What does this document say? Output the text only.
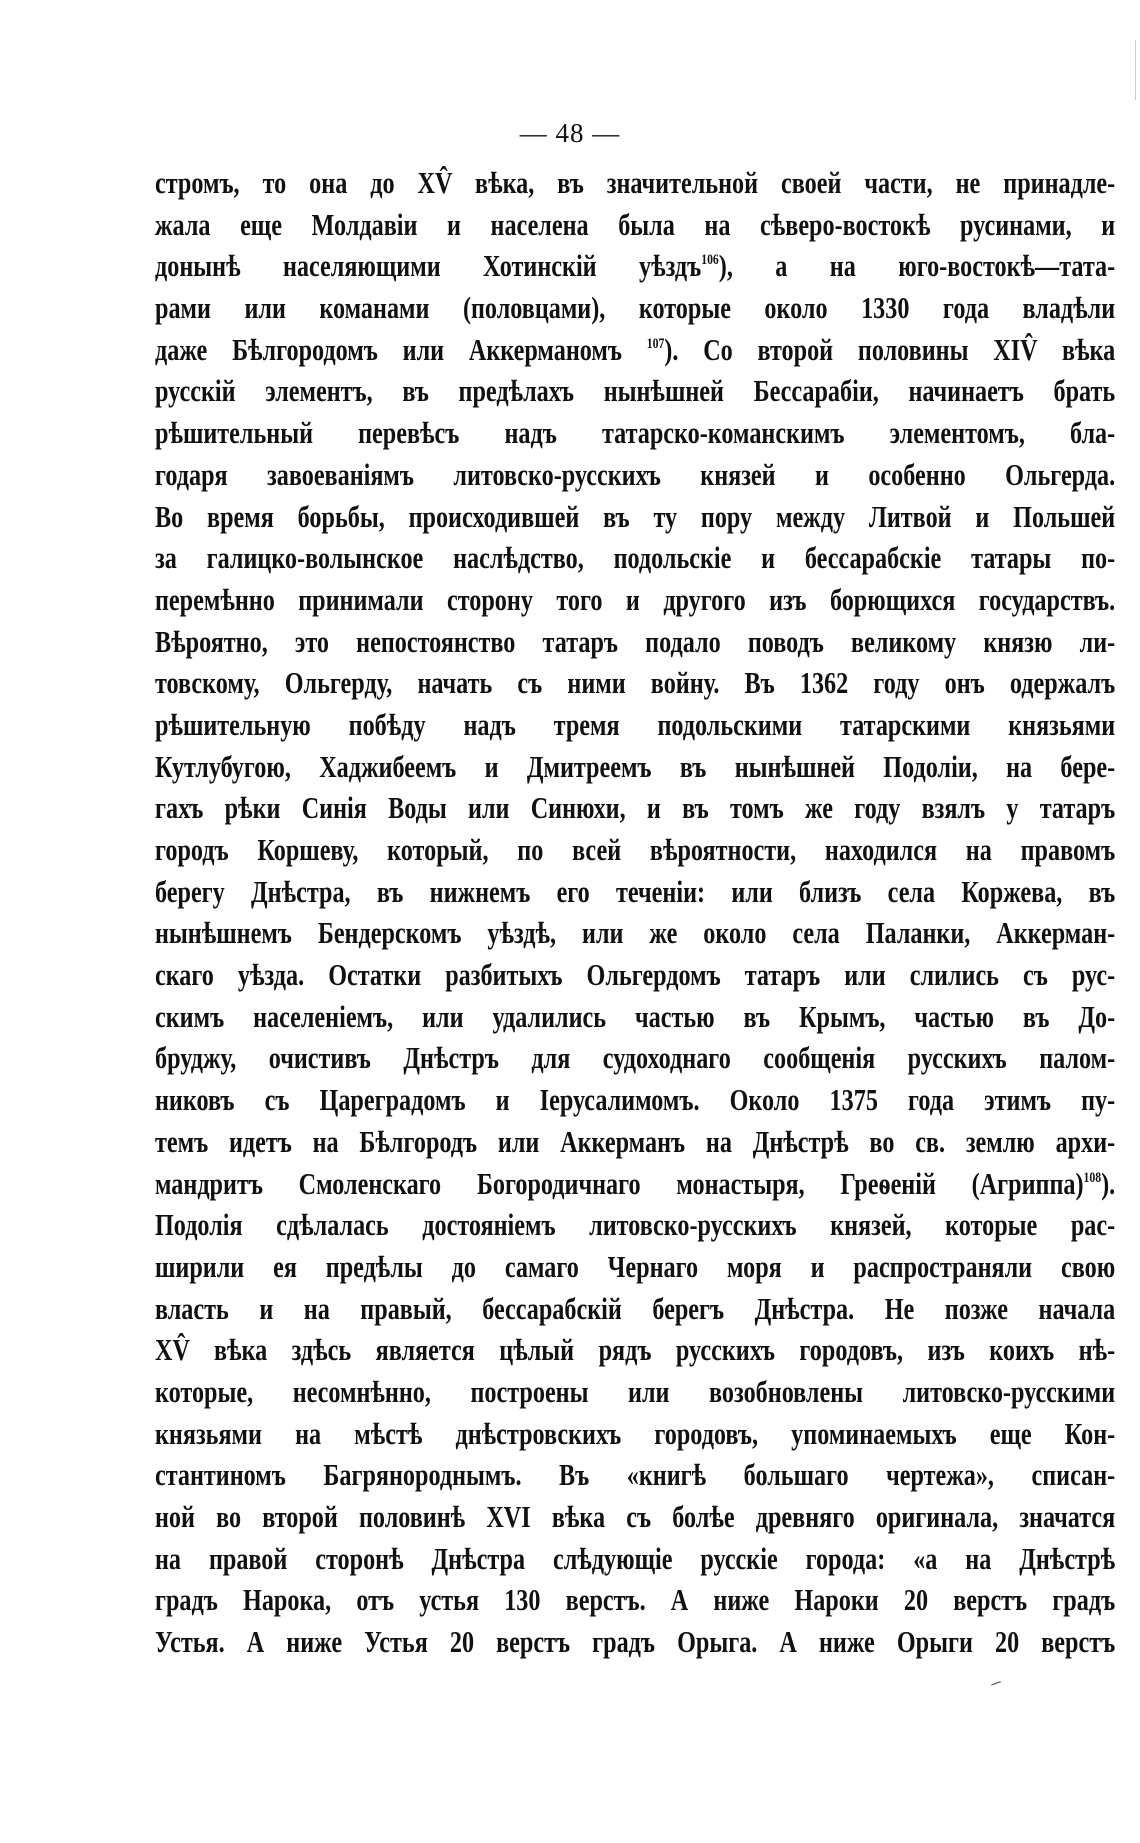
— 48 —
стромъ, то она до XV̂ вѣка, въ значительной своей части, не принадле-
жала еще Молдавіи и населена была на сѣверо-востокѣ русинами, и
донынѣ населяющими Хотинскій уѣздъ$^{106}$), а на юго-востокѣ—тата-
рами или команами (половцами), которые около 1330 года владѣли
даже Бѣлгородомъ или Аккерманомъ $^{107}$). Со второй половины XIV̂ вѣка
русскій элементъ, въ предѣлахъ нынѣшней Бессарабіи, начинаетъ брать
рѣшительный перевѣсъ надъ татарско-команскимъ элементомъ, бла-
годаря завоеваніямъ литовско-русскихъ князей и особенно Ольгерда.
Во время борьбы, происходившей въ ту пору между Литвой и Польшей
за галицко-волынское наслѣдство, подольскіе и бессарабскіе татары по-
перемѣнно принимали сторону того и другого изъ борющихся государствъ.
Вѣроятно, это непостоянство татаръ подало поводъ великому князю ли-
товскому, Ольгерду, начать съ ними войну. Въ 1362 году онъ одержалъ
рѣшительную побѣду надъ тремя подольскими татарскими князьями
Кутлубугою, Хаджибеемъ и Дмитреемъ въ нынѣшней Подоліи, на бере-
гахъ рѣки Синія Воды или Синюхи, и въ томъ же году взялъ у татаръ
городъ Коршеву, который, по всей вѣроятности, находился на правомъ
берегу Днѣстра, въ нижнемъ его теченіи: или близъ села Коржева, въ
нынѣшнемъ Бендерскомъ уѣздѣ, или же около села Паланки, Аккерман-
скаго уѣзда. Остатки разбитыхъ Ольгердомъ татаръ или слились съ рус-
скимъ населеніемъ, или удалились частью въ Крымъ, частью въ До-
бруджу, очистивъ Днѣстръ для судоходнаго сообщенія русскихъ палом-
никовъ съ Цареградомъ и Іерусалимомъ. Около 1375 года этимъ пу-
темъ идетъ на Бѣлгородъ или Аккерманъ на Днѣстрѣ во св. землю архи-
мандритъ Смоленскаго Богородичнаго монастыря, Греѳеній (Агриппа)$^{108}$).
Подолія сдѣлалась достояніемъ литовско-русскихъ князей, которые рас-
ширили ея предѣлы до самаго Чернаго моря и распространяли свою
власть и на правый, бессарабскій берегъ Днѣстра. Не позже начала
XV̂ вѣка здѣсь является цѣлый рядъ русскихъ городовъ, изъ коихъ нѣ-
которые, несомнѣнно, построены или возобновлены литовско-русскими
князьями на мѣстѣ днѣстровскихъ городовъ, упоминаемыхъ еще Кон-
стантиномъ Багрянороднымъ. Въ «книгѣ большаго чертежа», списан-
ной во второй половинѣ XVI вѣка съ болѣе древняго оригинала, значатся
на правой сторонѣ Днѣстра слѣдующіе русскіе города: «а на Днѣстрѣ
градъ Нарока, отъ устья 130 верстъ. А ниже Нароки 20 верстъ градъ
Устья. А ниже Устья 20 верстъ градъ Орыга. А ниже Орыги 20 верстъ
